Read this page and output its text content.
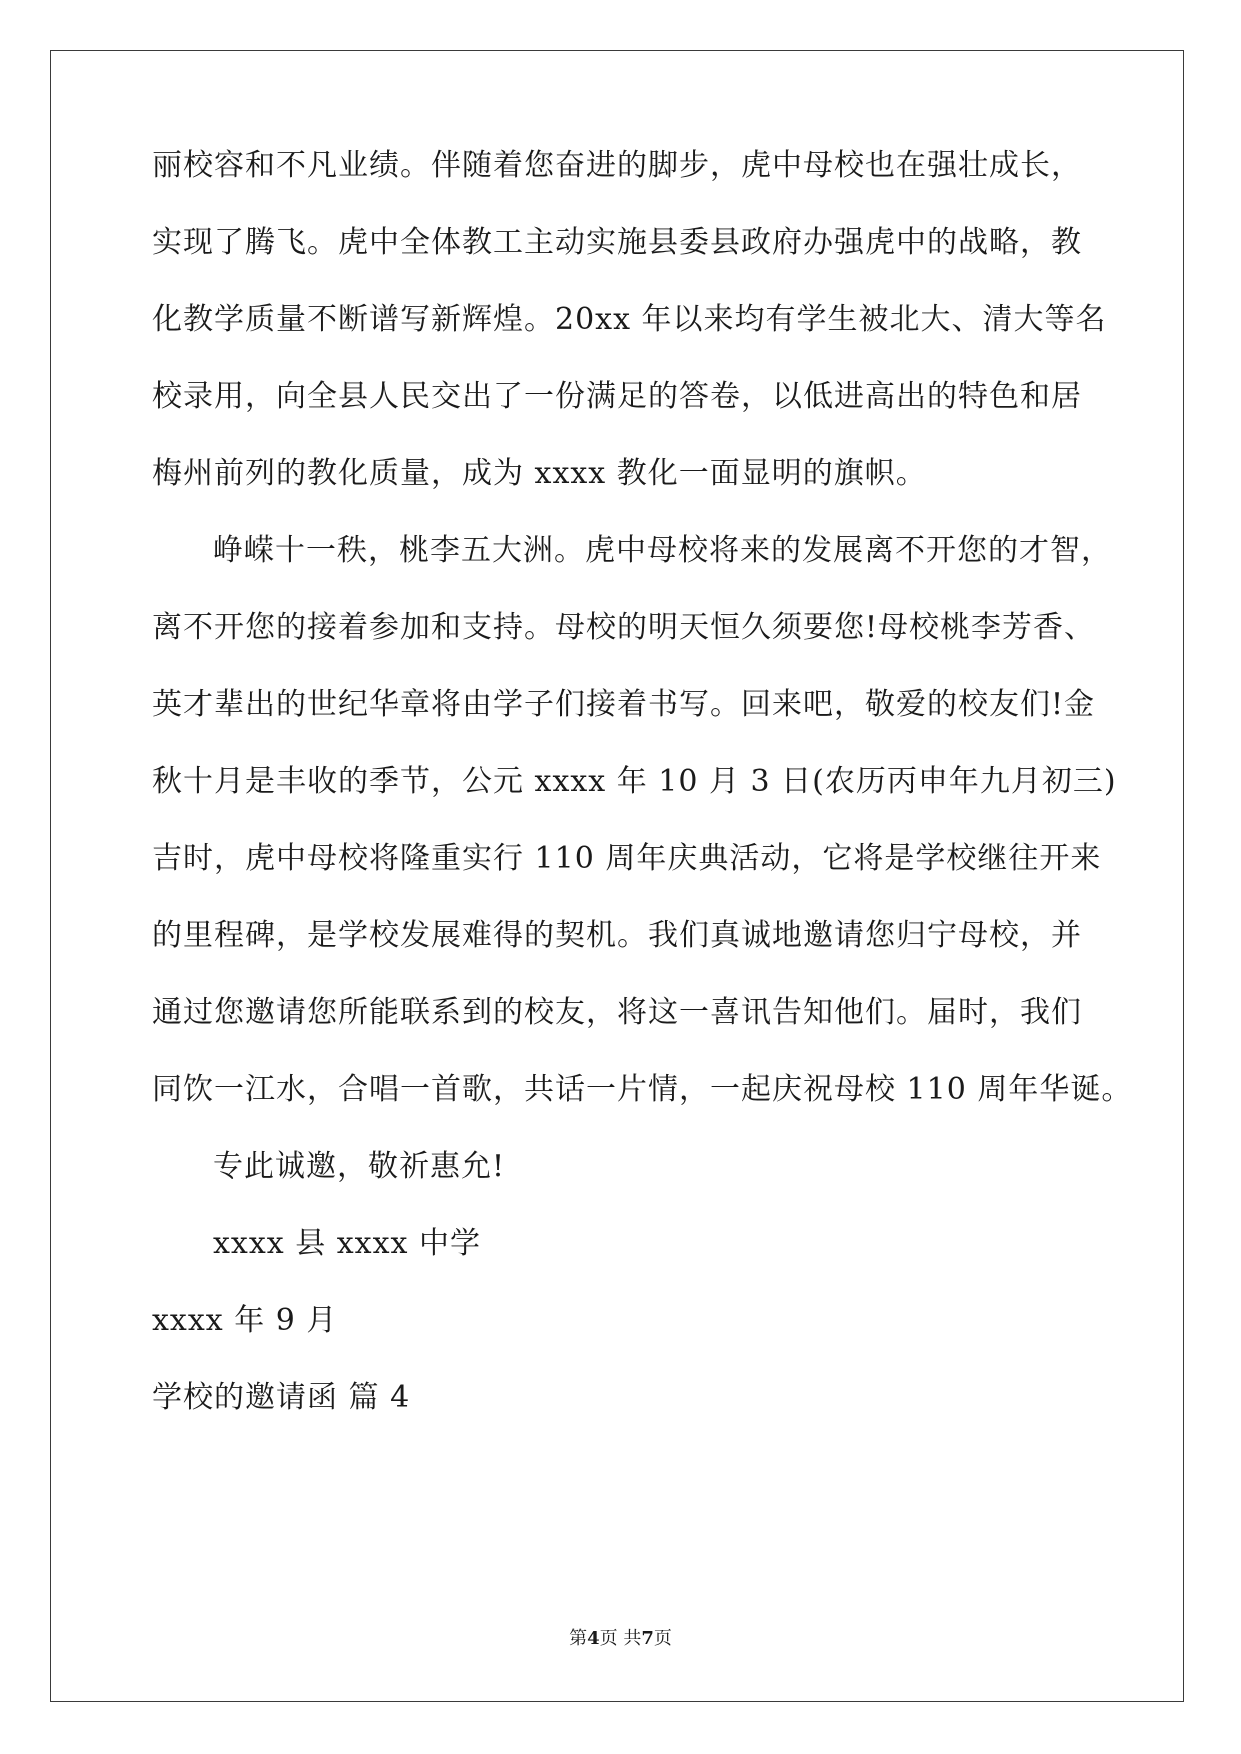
丽校容和不凡业绩。伴随着您奋进的脚步，虎中母校也在强壮成长，
实现了腾飞。虎中全体教工主动实施县委县政府办强虎中的战略，教
化教学质量不断谱写新辉煌。20xx 年以来均有学生被北大、清大等名
校录用，向全县人民交出了一份满足的答卷，以低进高出的特色和居
梅州前列的教化质量，成为 xxxx 教化一面显明的旗帜。
峥嵘十一秩，桃李五大洲。虎中母校将来的发展离不开您的才智，
离不开您的接着参加和支持。母校的明天恒久须要您!母校桃李芳香、
英才辈出的世纪华章将由学子们接着书写。回来吧，敬爱的校友们!金
秋十月是丰收的季节，公元 xxxx 年 10 月 3 日(农历丙申年九月初三)
吉时，虎中母校将隆重实行 110 周年庆典活动，它将是学校继往开来
的里程碑，是学校发展难得的契机。我们真诚地邀请您归宁母校，并
通过您邀请您所能联系到的校友，将这一喜讯告知他们。届时，我们
同饮一江水，合唱一首歌，共话一片情，一起庆祝母校 110 周年华诞。
专此诚邀，敬祈惠允!
xxxx 县 xxxx 中学
xxxx 年 9 月
学校的邀请函 篇 4
第4页 共7页
